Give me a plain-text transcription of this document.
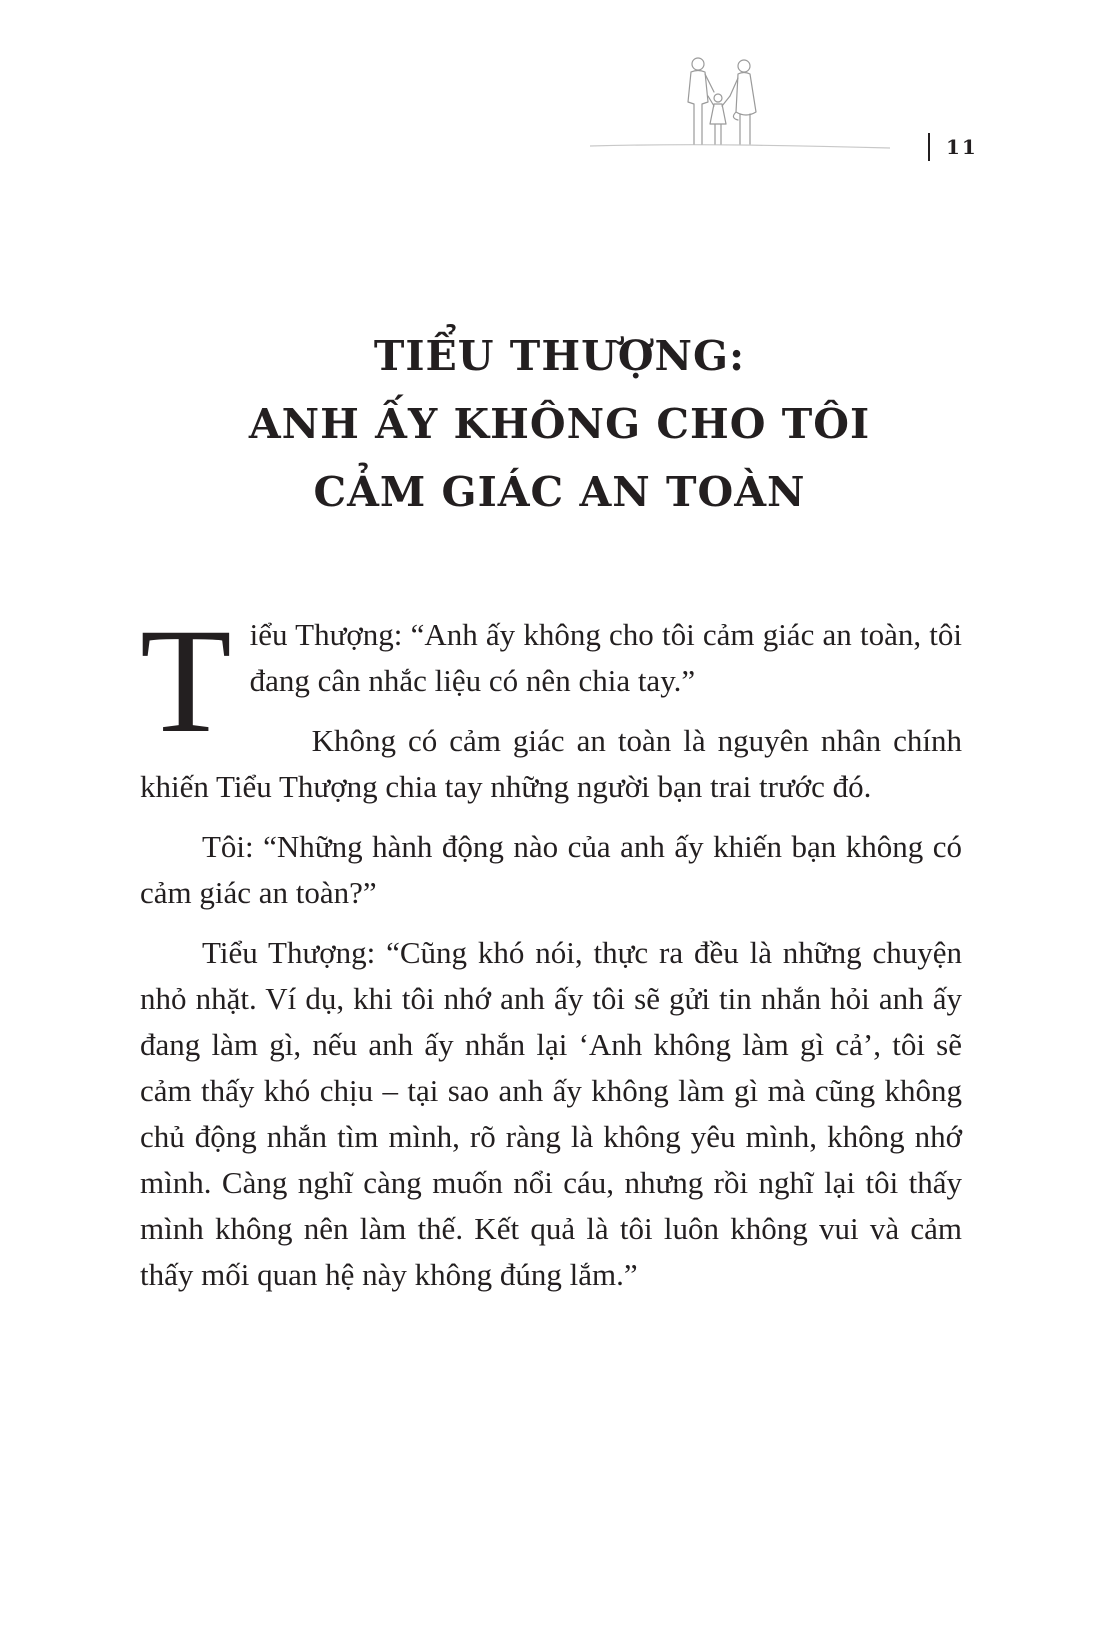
11
TIỂU THƯỢNG:
ANH ẤY KHÔNG CHO TÔI
CẢM GIÁC AN TOÀN

Tiểu Thượng: “Anh ấy không cho tôi cảm giác an toàn, tôi đang cân nhắc liệu có nên chia tay.”

Không có cảm giác an toàn là nguyên nhân chính khiến Tiểu Thượng chia tay những người bạn trai trước đó.

Tôi: “Những hành động nào của anh ấy khiến bạn không có cảm giác an toàn?”

Tiểu Thượng: “Cũng khó nói, thực ra đều là những chuyện nhỏ nhặt. Ví dụ, khi tôi nhớ anh ấy tôi sẽ gửi tin nhắn hỏi anh ấy đang làm gì, nếu anh ấy nhắn lại ‘Anh không làm gì cả’, tôi sẽ cảm thấy khó chịu – tại sao anh ấy không làm gì mà cũng không chủ động nhắn tìm mình, rõ ràng là không yêu mình, không nhớ mình. Càng nghĩ càng muốn nổi cáu, nhưng rồi nghĩ lại tôi thấy mình không nên làm thế. Kết quả là tôi luôn không vui và cảm thấy mối quan hệ này không đúng lắm.”
